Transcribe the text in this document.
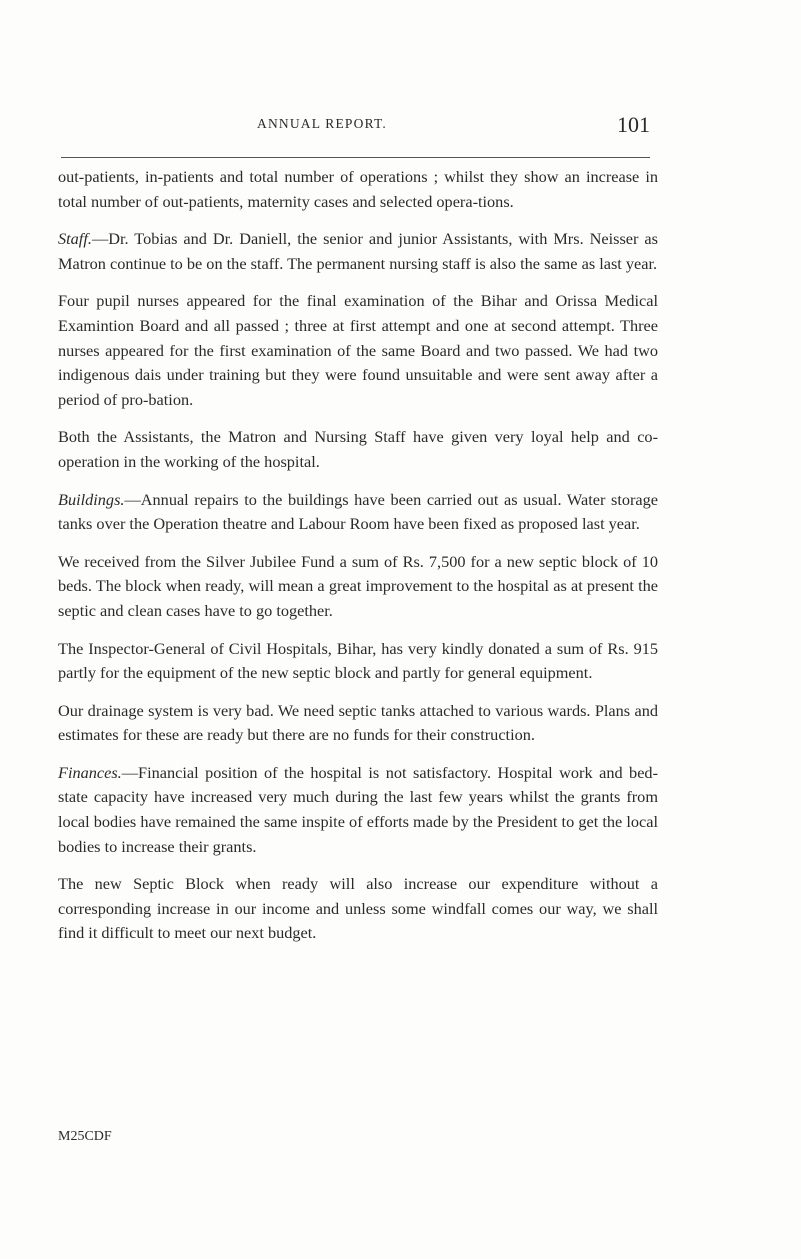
ANNUAL REPORT.	101

out-patients, in-patients and total number of operations ; whilst they show an increase in total number of out-patients, maternity cases and selected opera-tions.

Staff.—Dr. Tobias and Dr. Daniell, the senior and junior Assistants, with Mrs. Neisser as Matron continue to be on the staff. The permanent nursing staff is also the same as last year.

Four pupil nurses appeared for the final examination of the Bihar and Orissa Medical Examintion Board and all passed ; three at first attempt and one at second attempt. Three nurses appeared for the first examination of the same Board and two passed. We had two indigenous dais under training but they were found unsuitable and were sent away after a period of pro-bation.

Both the Assistants, the Matron and Nursing Staff have given very loyal help and co-operation in the working of the hospital.

Buildings.—Annual repairs to the buildings have been carried out as usual. Water storage tanks over the Operation theatre and Labour Room have been fixed as proposed last year.

We received from the Silver Jubilee Fund a sum of Rs. 7,500 for a new septic block of 10 beds. The block when ready, will mean a great improvement to the hospital as at present the septic and clean cases have to go together.

The Inspector-General of Civil Hospitals, Bihar, has very kindly donated a sum of Rs. 915 partly for the equipment of the new septic block and partly for general equipment.

Our drainage system is very bad. We need septic tanks attached to various wards. Plans and estimates for these are ready but there are no funds for their construction.

Finances.—Financial position of the hospital is not satisfactory. Hospital work and bed-state capacity have increased very much during the last few years whilst the grants from local bodies have remained the same inspite of efforts made by the President to get the local bodies to increase their grants.

The new Septic Block when ready will also increase our expenditure without a corresponding increase in our income and unless some windfall comes our way, we shall find it difficult to meet our next budget.

M25CDF
